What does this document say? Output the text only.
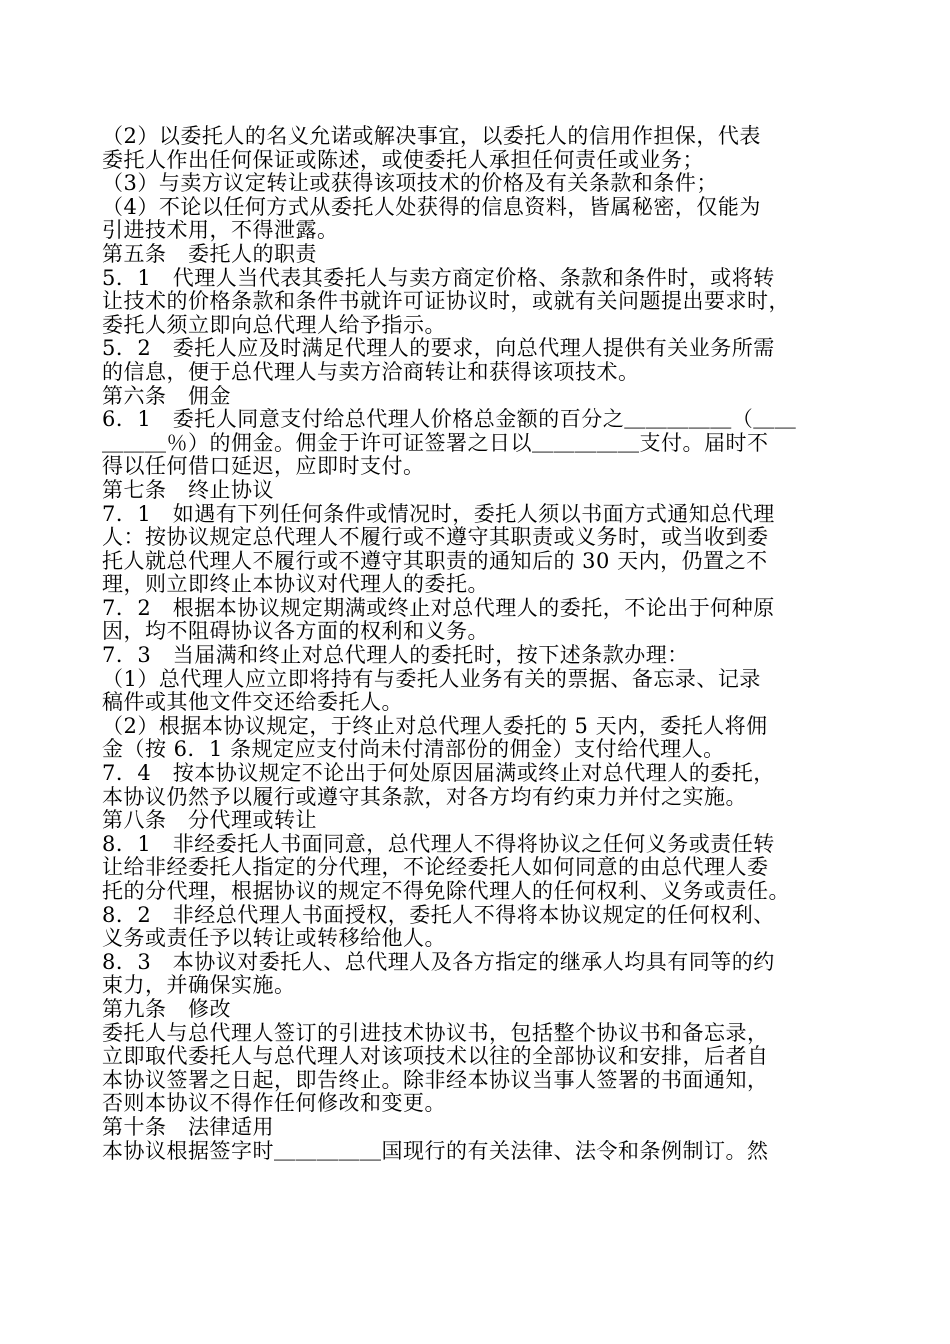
（2）以委托人的名义允诺或解决事宜，以委托人的信用作担保，代表
委托人作出任何保证或陈述，或使委托人承担任何责任或业务；
（3）与卖方议定转让或获得该项技术的价格及有关条款和条件；
（4）不论以任何方式从委托人处获得的信息资料，皆属秘密，仅能为
引进技术用，不得泄露。
第五条　委托人的职责
5．1　代理人当代表其委托人与卖方商定价格、条款和条件时，或将转
让技术的价格条款和条件书就许可证协议时，或就有关问题提出要求时，
委托人须立即向总代理人给予指示。
5．2　委托人应及时满足代理人的要求，向总代理人提供有关业务所需
的信息，便于总代理人与卖方洽商转让和获得该项技术。
第六条　佣金
6．1　委托人同意支付给总代理人价格总金额的百分之＿＿＿＿＿（＿＿
＿＿＿％）的佣金。佣金于许可证签署之日以＿＿＿＿＿支付。届时不
得以任何借口延迟，应即时支付。
第七条　终止协议
7．1　如遇有下列任何条件或情况时，委托人须以书面方式通知总代理
人：按协议规定总代理人不履行或不遵守其职责或义务时，或当收到委
托人就总代理人不履行或不遵守其职责的通知后的 30 天内，仍置之不
理，则立即终止本协议对代理人的委托。
7．2　根据本协议规定期满或终止对总代理人的委托，不论出于何种原
因，均不阻碍协议各方面的权利和义务。
7．3　当届满和终止对总代理人的委托时，按下述条款办理：
（1）总代理人应立即将持有与委托人业务有关的票据、备忘录、记录
稿件或其他文件交还给委托人。
（2）根据本协议规定，于终止对总代理人委托的 5 天内，委托人将佣
金（按 6．1 条规定应支付尚未付清部份的佣金）支付给代理人。
7．4　按本协议规定不论出于何处原因届满或终止对总代理人的委托，
本协议仍然予以履行或遵守其条款，对各方均有约束力并付之实施。
第八条　分代理或转让
8．1　非经委托人书面同意，总代理人不得将协议之任何义务或责任转
让给非经委托人指定的分代理，不论经委托人如何同意的由总代理人委
托的分代理，根据协议的规定不得免除代理人的任何权利、义务或责任。
8．2　非经总代理人书面授权，委托人不得将本协议规定的任何权利、
义务或责任予以转让或转移给他人。
8．3　本协议对委托人、总代理人及各方指定的继承人均具有同等的约
束力，并确保实施。
第九条　修改
委托人与总代理人签订的引进技术协议书，包括整个协议书和备忘录，
立即取代委托人与总代理人对该项技术以往的全部协议和安排，后者自
本协议签署之日起，即告终止。除非经本协议当事人签署的书面通知，
否则本协议不得作任何修改和变更。
第十条　法律适用
本协议根据签字时＿＿＿＿＿国现行的有关法律、法令和条例制订。然
